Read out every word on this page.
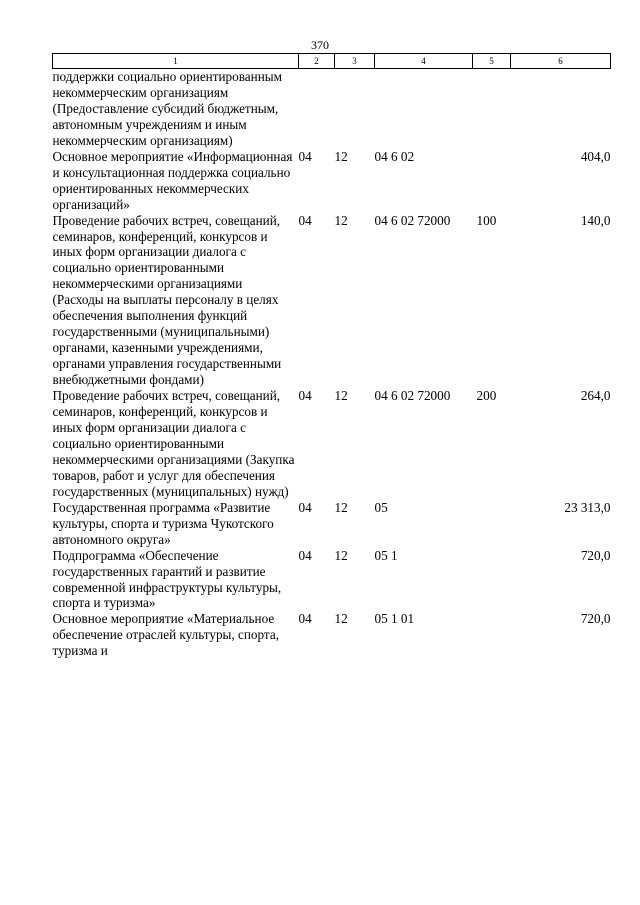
370
1	2	3	4	5	6
поддержки социально ориентированным некоммерческим организациям (Предоставление субсидий бюджетным, автономным учреждениям и иным некоммерческим организациям)					
Основное мероприятие «Информационная и консультационная поддержка социально ориентированных некоммерческих организаций»	04	12	04 6 02		404,0
Проведение рабочих встреч, совещаний, семинаров, конференций, конкурсов и иных форм организации диалога с социально ориентированными некоммерческими организациями (Расходы на выплаты персоналу в целях обеспечения выполнения функций государственными (муниципальными) органами, казенными учреждениями, органами управления государственными внебюджетными фондами)	04	12	04 6 02 72000	100	140,0
Проведение рабочих встреч, совещаний, семинаров, конференций, конкурсов и иных форм организации диалога с социально ориентированными некоммерческими организациями (Закупка товаров, работ и услуг для обеспечения государственных (муниципальных) нужд)	04	12	04 6 02 72000	200	264,0
Государственная программа «Развитие культуры, спорта и туризма Чукотского автономного округа»	04	12	05		23 313,0
Подпрограмма «Обеспечение государственных гарантий и развитие современной инфраструктуры культуры, спорта и туризма»	04	12	05 1		720,0
Основное мероприятие «Материальное обеспечение отраслей культуры, спорта, туризма и	04	12	05 1 01		720,0
